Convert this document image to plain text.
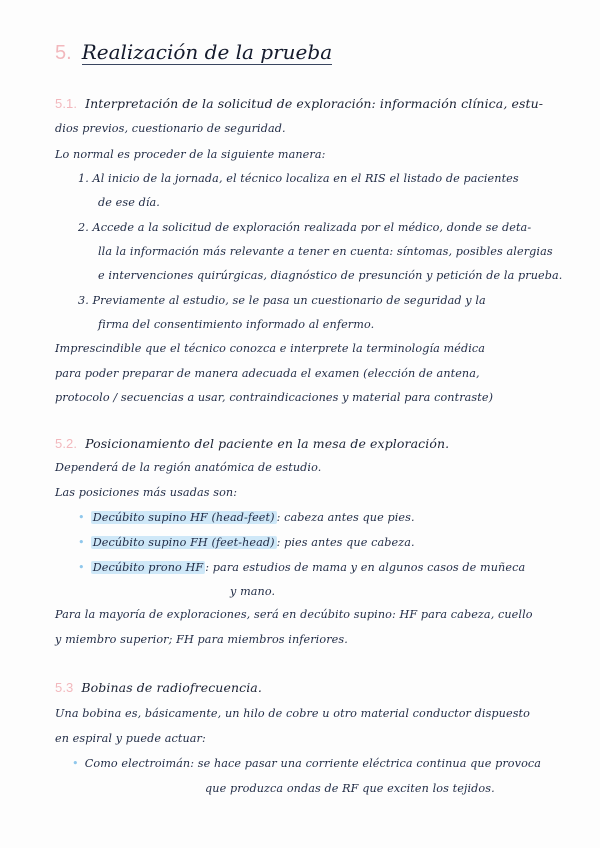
5. Realización de la prueba
5.1. Interpretación de la solicitud de exploración: información clínica, estu-
dios previos, cuestionario de seguridad.
Lo normal es proceder de la siguiente manera:
1. Al inicio de la jornada, el técnico localiza en el RIS el listado de pacientes
de ese día.
2. Accede a la solicitud de exploración realizada por el médico, donde se deta-
lla la información más relevante a tener en cuenta: síntomas, posibles alergias
e intervenciones quirúrgicas, diagnóstico de presunción y petición de la prueba.
3. Previamente al estudio, se le pasa un cuestionario de seguridad y la
firma del consentimiento informado al enfermo.
Imprescindible que el técnico conozca e interprete la terminología médica
para poder preparar de manera adecuada el examen (elección de antena,
protocolo / secuencias a usar, contraindicaciones y material para contraste)
5.2. Posicionamiento del paciente en la mesa de exploración.
Dependerá de la región anatómica de estudio.
Las posiciones más usadas son:
• Decúbito supino HF (head-feet) : cabeza antes que pies.
• Decúbito supino FH (feet-head) : pies antes que cabeza.
• Decúbito prono HF : para estudios de mama y en algunos casos de muñeca
y mano.
Para la mayoría de exploraciones, será en decúbito supino: HF para cabeza, cuello
y miembro superior; FH para miembros inferiores.
5.3 Bobinas de radiofrecuencia.
Una bobina es, básicamente, un hilo de cobre u otro material conductor dispuesto
en espiral y puede actuar:
• Como electroimán: se hace pasar una corriente eléctrica continua que provoca
que produzca ondas de RF que exciten los tejidos.
